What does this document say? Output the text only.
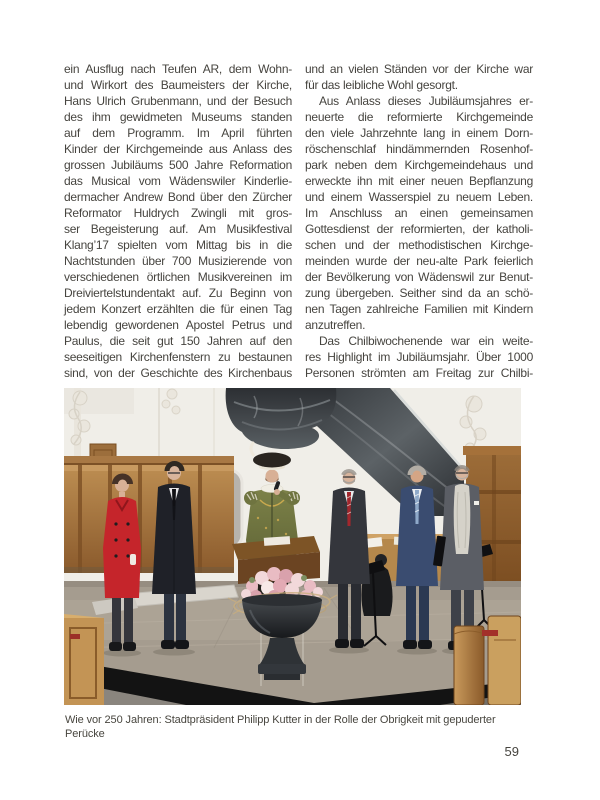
ein Ausflug nach Teufen AR, dem Wohn-
und Wirkort des Baumeisters der Kirche,
Hans Ulrich Grubenmann, und der Besuch
des ihm gewidmeten Museums standen
auf dem Programm. Im April führten
Kinder der Kirchgemeinde aus Anlass des
grossen Jubiläums 500 Jahre Reformation
das Musical vom Wädenswiler Kinderlie-
dermacher Andrew Bond über den Zürcher
Reformator Huldrych Zwingli mit gros-
ser Begeisterung auf. Am Musikfestival
Klang’17 spielten vom Mittag bis in die
Nachtstunden über 700 Musizierende von
verschiedenen örtlichen Musikvereinen im
Dreiviertelstundentakt auf. Zu Beginn von
jedem Konzert erzählten die für einen Tag
lebendig gewordenen Apostel Petrus und
Paulus, die seit gut 150 Jahren auf den
seeseitigen Kirchenfenstern zu bestaunen
sind, von der Geschichte des Kirchenbaus
und an vielen Ständen vor der Kirche war
für das leibliche Wohl gesorgt.
Aus Anlass dieses Jubiläumsjahres er-
neuerte die reformierte Kirchgemeinde
den viele Jahrzehnte lang in einem Dorn-
röschenschlaf hindämmernden Rosenhof-
park neben dem Kirchgemeindehaus und
erweckte ihn mit einer neuen Bepflanzung
und einem Wasserspiel zu neuem Leben.
Im Anschluss an einen gemeinsamen
Gottesdienst der reformierten, der katholi-
schen und der methodistischen Kirchge-
meinden wurde der neu-alte Park feierlich
der Bevölkerung von Wädenswil zur Benut-
zung übergeben. Seither sind da an schö-
nen Tagen zahlreiche Familien mit Kindern
anzutreffen.
Das Chilbiwochenende war ein weite-
res Highlight im Jubiläumsjahr. Über 1000
Personen strömten am Freitag zur Chilbi-
Wie vor 250 Jahren: Stadtpräsident Philipp Kutter in der Rolle der Obrigkeit mit gepuderter Perücke
59
